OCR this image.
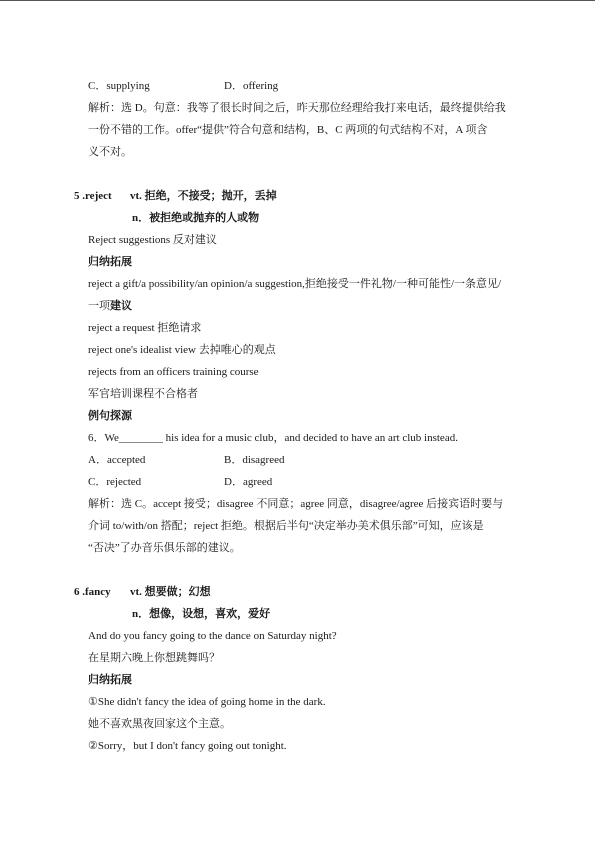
C．supplying	D．offering
解析：选 D。句意：我等了很长时间之后，昨天那位经理给我打来电话，最终提供给我
一份不错的工作。offer“提供”符合句意和结构，B、C 两项的句式结构不对，A 项含
义不对。
5 .reject vt. 拒绝，不接受；抛开，丢掉
n．被拒绝或抛弃的人或物
Reject suggestions 反对建议
归纳拓展
reject a gift/a possibility/an opinion/a suggestion,拒绝接受一件礼物/一种可能性/一条意见/
一项建议
reject a request 拒绝请求
reject one's idealist view 去掉唯心的观点
rejects from an officers training course
军官培训课程不合格者
例句探源
6．We________ his idea for a music club，and decided to have an art club instead.
A．accepted	B．disagreed
C．rejected	D．agreed
解析：选 C。accept 接受；disagree 不同意；agree 同意，disagree/agree 后接宾语时要与
介词 to/with/on 搭配；reject 拒绝。根据后半句“决定举办美术俱乐部”可知，应该是
“否决”了办音乐俱乐部的建议。
6 .fancy vt. 想要做；幻想
n．想像，设想，喜欢，爱好
And do you fancy going to the dance on Saturday night?
在星期六晚上你想跳舞吗？
归纳拓展
①She didn't fancy the idea of going home in the dark.
她不喜欢黑夜回家这个主意。
②Sorry，but I don't fancy going out tonight.
